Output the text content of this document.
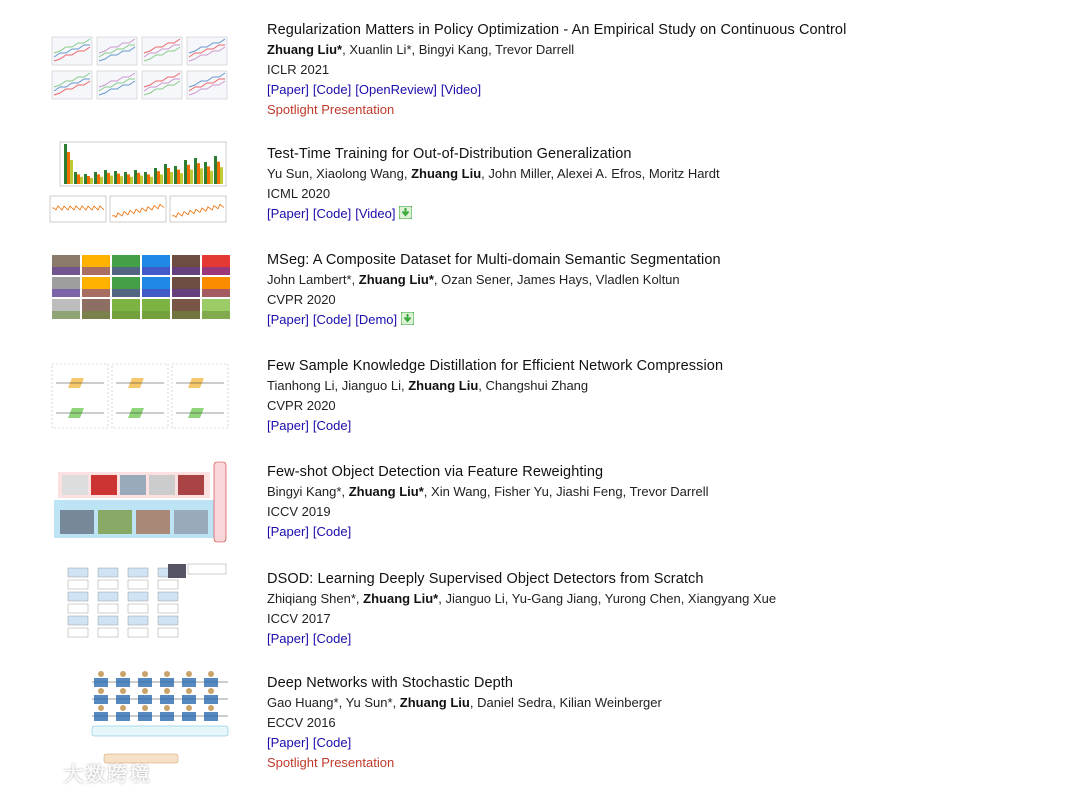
Regularization Matters in Policy Optimization - An Empirical Study on Continuous Control
Zhuang Liu*, Xuanlin Li*, Bingyi Kang, Trevor Darrell
ICLR 2021
[Paper] [Code] [OpenReview] [Video]
Spotlight Presentation
Test-Time Training for Out-of-Distribution Generalization
Yu Sun, Xiaolong Wang, Zhuang Liu, John Miller, Alexei A. Efros, Moritz Hardt
ICML 2020
[Paper] [Code] [Video]
MSeg: A Composite Dataset for Multi-domain Semantic Segmentation
John Lambert*, Zhuang Liu*, Ozan Sener, James Hays, Vladlen Koltun
CVPR 2020
[Paper] [Code] [Demo]
Few Sample Knowledge Distillation for Efficient Network Compression
Tianhong Li, Jianguo Li, Zhuang Liu, Changshui Zhang
CVPR 2020
[Paper] [Code]
Few-shot Object Detection via Feature Reweighting
Bingyi Kang*, Zhuang Liu*, Xin Wang, Fisher Yu, Jiashi Feng, Trevor Darrell
ICCV 2019
[Paper] [Code]
DSOD: Learning Deeply Supervised Object Detectors from Scratch
Zhiqiang Shen*, Zhuang Liu*, Jianguo Li, Yu-Gang Jiang, Yurong Chen, Xiangyang Xue
ICCV 2017
[Paper] [Code]
Deep Networks with Stochastic Depth
Gao Huang*, Yu Sun*, Zhuang Liu, Daniel Sedra, Kilian Weinberger
ECCV 2016
[Paper] [Code]
Spotlight Presentation
大数跨境
